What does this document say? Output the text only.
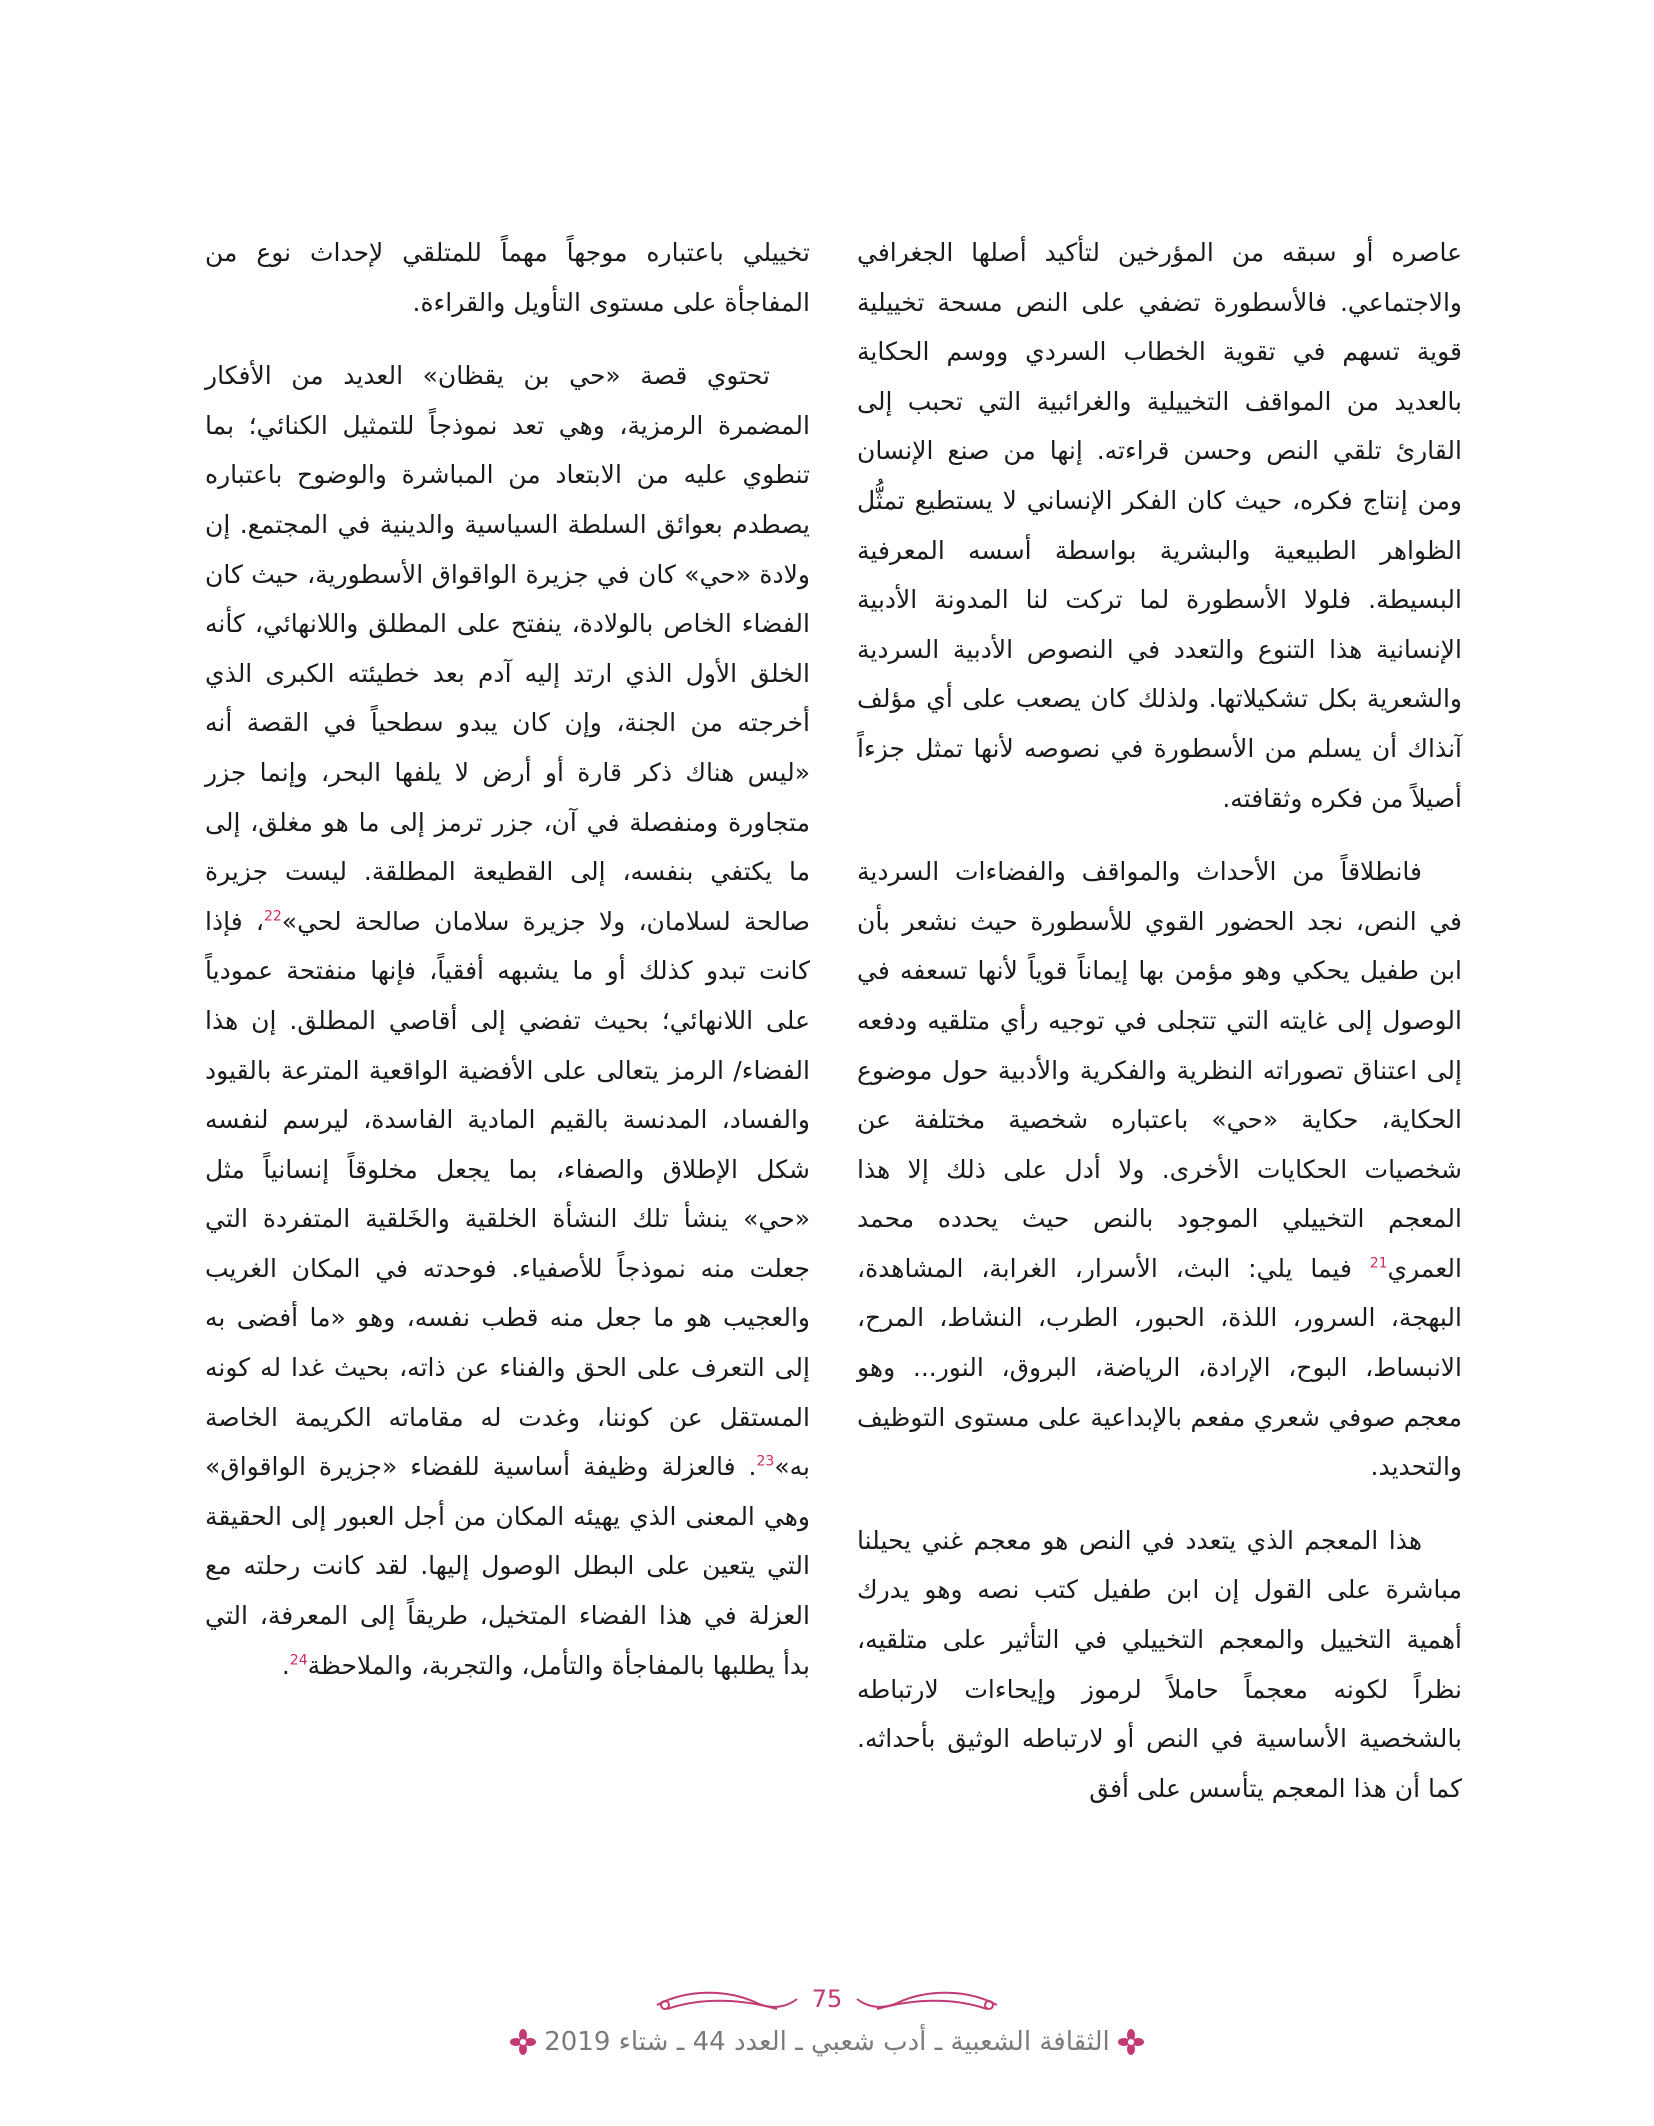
عاصره أو سبقه من المؤرخين لتأكيد أصلها الجغرافي والاجتماعي. فالأسطورة تضفي على النص مسحة تخييلية قوية تسهم في تقوية الخطاب السردي ووسم الحكاية بالعديد من المواقف التخييلية والغرائبية التي تحبب إلى القارئ تلقي النص وحسن قراءته. إنها من صنع الإنسان ومن إنتاج فكره، حيث كان الفكر الإنساني لا يستطيع تمثُّل الظواهر الطبيعية والبشرية بواسطة أسسه المعرفية البسيطة. فلولا الأسطورة لما تركت لنا المدونة الأدبية الإنسانية هذا التنوع والتعدد في النصوص الأدبية السردية والشعرية بكل تشكيلاتها. ولذلك كان يصعب على أي مؤلف آنذاك أن يسلم من الأسطورة في نصوصه لأنها تمثل جزءاً أصيلاً من فكره وثقافته.

فانطلاقاً من الأحداث والمواقف والفضاءات السردية في النص، نجد الحضور القوي للأسطورة حيث نشعر بأن ابن طفيل يحكي وهو مؤمن بها إيماناً قوياً لأنها تسعفه في الوصول إلى غايته التي تتجلى في توجيه رأي متلقيه ودفعه إلى اعتناق تصوراته النظرية والفكرية والأدبية حول موضوع الحكاية، حكاية «حي» باعتباره شخصية مختلفة عن شخصيات الحكايات الأخرى. ولا أدل على ذلك إلا هذا المعجم التخييلي الموجود بالنص حيث يحدده محمد العمري$^{21}$ فيما يلي: البث، الأسرار، الغرابة، المشاهدة، البهجة، السرور، اللذة، الحبور، الطرب، النشاط، المرح، الانبساط، البوح، الإرادة، الرياضة، البروق، النور... وهو معجم صوفي شعري مفعم بالإبداعية على مستوى التوظيف والتحديد.

هذا المعجم الذي يتعدد في النص هو معجم غني يحيلنا مباشرة على القول إن ابن طفيل كتب نصه وهو يدرك أهمية التخييل والمعجم التخييلي في التأثير على متلقيه، نظراً لكونه معجماً حاملاً لرموز وإيحاءات لارتباطه بالشخصية الأساسية في النص أو لارتباطه الوثيق بأحداثه. كما أن هذا المعجم يتأسس على أفق

تخييلي باعتباره موجهاً مهماً للمتلقي لإحداث نوع من المفاجأة على مستوى التأويل والقراءة.

تحتوي قصة «حي بن يقظان» العديد من الأفكار المضمرة الرمزية، وهي تعد نموذجاً للتمثيل الكنائي؛ بما تنطوي عليه من الابتعاد من المباشرة والوضوح باعتباره يصطدم بعوائق السلطة السياسية والدينية في المجتمع. إن ولادة «حي» كان في جزيرة الواقواق الأسطورية، حيث كان الفضاء الخاص بالولادة، ينفتح على المطلق واللانهائي، كأنه الخلق الأول الذي ارتد إليه آدم بعد خطيئته الكبرى الذي أخرجته من الجنة، وإن كان يبدو سطحياً في القصة أنه «ليس هناك ذكر قارة أو أرض لا يلفها البحر، وإنما جزر متجاورة ومنفصلة في آن، جزر ترمز إلى ما هو مغلق، إلى ما يكتفي بنفسه، إلى القطيعة المطلقة. ليست جزيرة صالحة لسلامان، ولا جزيرة سلامان صالحة لحي»$^{22}$، فإذا كانت تبدو كذلك أو ما يشبهه أفقياً، فإنها منفتحة عمودياً على اللانهائي؛ بحيث تفضي إلى أقاصي المطلق. إن هذا الفضاء/ الرمز يتعالى على الأفضية الواقعية المترعة بالقيود والفساد، المدنسة بالقيم المادية الفاسدة، ليرسم لنفسه شكل الإطلاق والصفاء، بما يجعل مخلوقاً إنسانياً مثل «حي» ينشأ تلك النشأة الخلقية والخَلقية المتفردة التي جعلت منه نموذجاً للأصفياء. فوحدته في المكان الغريب والعجيب هو ما جعل منه قطب نفسه، وهو «ما أفضى به إلى التعرف على الحق والفناء عن ذاته، بحيث غدا له كونه المستقل عن كوننا، وغدت له مقاماته الكريمة الخاصة به»$^{23}$. فالعزلة وظيفة أساسية للفضاء «جزيرة الواقواق» وهي المعنى الذي يهيئه المكان من أجل العبور إلى الحقيقة التي يتعين على البطل الوصول إليها. لقد كانت رحلته مع العزلة في هذا الفضاء المتخيل، طريقاً إلى المعرفة، التي بدأ يطلبها بالمفاجأة والتأمل، والتجربة، والملاحظة$^{24}$.

75
الثقافة الشعبية ـ أدب شعبي ـ العدد 44 ـ شتاء 2019
